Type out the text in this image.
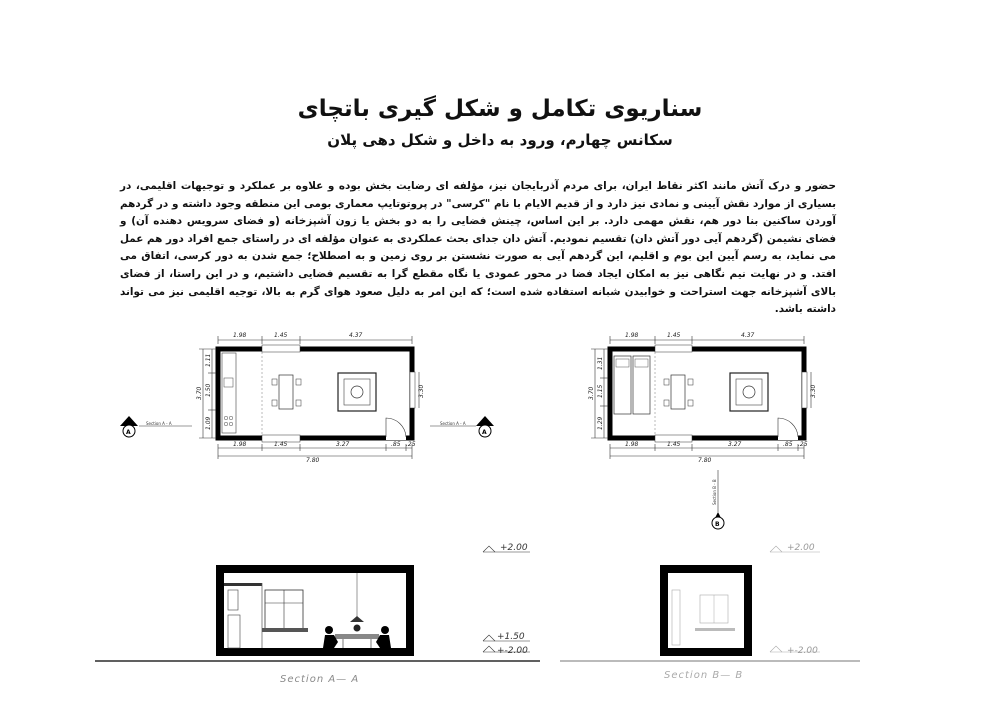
سناریوی تکامل و شکل گیری باتچای
سکانس چهارم، ورود به داخل و شکل دهی پلان
حضور و درک آتش مانند اکثر نقاط ایران، برای مردم آذربایجان نیز، مؤلفه ای رضایت بخش بوده و علاوه بر عملکرد و توجیهات اقلیمی، در بسیاری از موارد نقش آیینی و نمادی نیز دارد و از قدیم الایام با نام "کرسی" در پروتوتایپ معماری بومی این منطقه وجود داشته و در گردهم آوردن ساکنین بنا دور هم، نقش مهمی دارد. بر این اساس، چینش فضایی را به دو بخش یا زون آشپزخانه (و فضای سرویس دهنده آن) و فضای نشیمن (گردهم آیی دور آتش دان) تقسیم نمودیم. آتش دان جدای بحث عملکردی به عنوان مؤلفه ای در راستای جمع افراد دور هم عمل می نماید، به رسم آیین این بوم و اقلیم، این گردهم آیی به صورت نشستن بر روی زمین و به اصطلاح؛ جمع شدن به دور کرسی، اتفاق می افتد. و در نهایت نیم نگاهی نیز به امکان ایجاد فضا در محور عمودی یا نگاه مقطع گرا به تقسیم فضایی داشتیم، و در این راستا، از فضای بالای آشپزخانه جهت استراحت و خوابیدن شبانه استفاده شده است؛ که این امر به دلیل صعود هوای گرم به بالا، توجیه اقلیمی نیز می تواند داشته باشد.
1.98	1.45	4.37
3.70
1.11
1.50
1.09
3.30
1.98	1.45	3.27	.85 .25
7.80
A
Section A - A
A
Section A - A
1.98	1.45	4.37
3.70
1.31
1.15
1.29
3.30
1.98	1.45	3.27	.85 .25
7.80
B
Section B - B
+2.00
+1.50
+-2.00
Section A— A
+2.00
+-2.00
Section B— B
